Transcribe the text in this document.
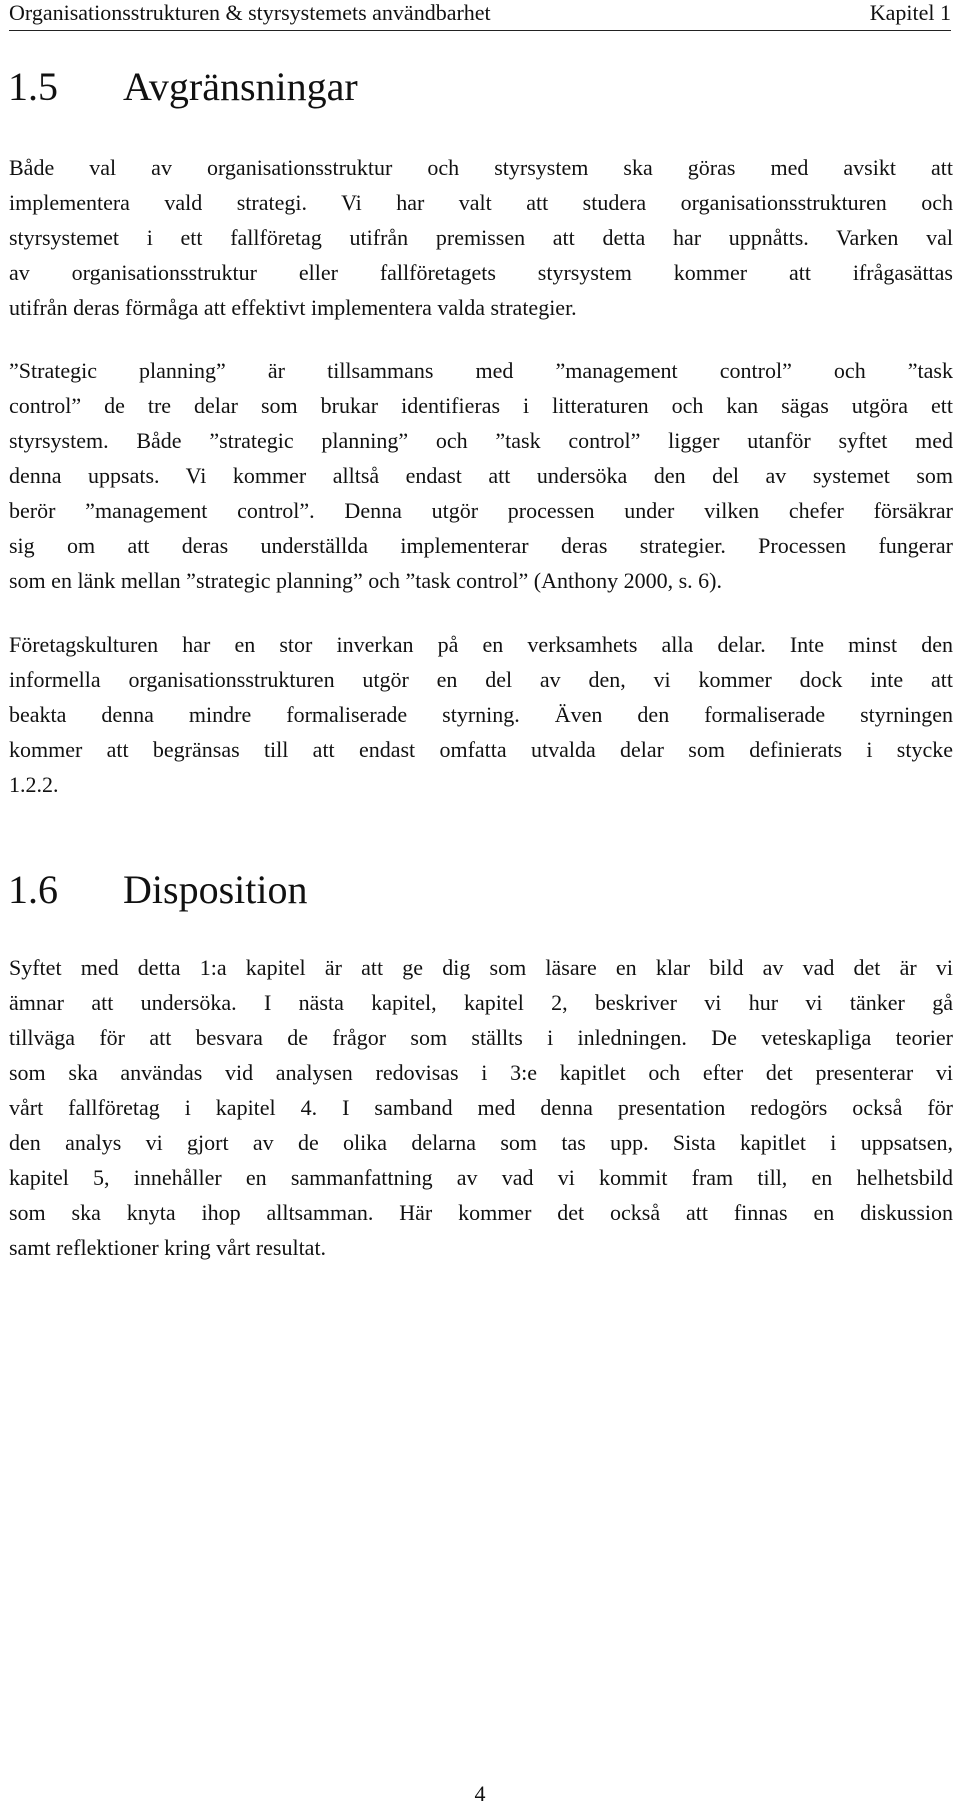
Organisationsstrukturen & styrsystemets användbarhet	Kapitel 1
1.5 Avgränsningar

Både val av organisationsstruktur och styrsystem ska göras med avsikt att
implementera vald strategi. Vi har valt att studera organisationsstrukturen och
styrsystemet i ett fallföretag utifrån premissen att detta har uppnåtts. Varken val
av organisationsstruktur eller fallföretagets styrsystem kommer att ifrågasättas
utifrån deras förmåga att effektivt implementera valda strategier.

”Strategic planning” är tillsammans med ”management control” och ”task
control” de tre delar som brukar identifieras i litteraturen och kan sägas utgöra ett
styrsystem. Både ”strategic planning” och ”task control” ligger utanför syftet med
denna uppsats. Vi kommer alltså endast att undersöka den del av systemet som
berör ”management control”. Denna utgör processen under vilken chefer försäkrar
sig om att deras underställda implementerar deras strategier. Processen fungerar
som en länk mellan ”strategic planning” och ”task control” (Anthony 2000, s. 6).

Företagskulturen har en stor inverkan på en verksamhets alla delar. Inte minst den
informella organisationsstrukturen utgör en del av den, vi kommer dock inte att
beakta denna mindre formaliserade styrning. Även den formaliserade styrningen
kommer att begränsas till att endast omfatta utvalda delar som definierats i stycke
1.2.2.

1.6 Disposition

Syftet med detta 1:a kapitel är att ge dig som läsare en klar bild av vad det är vi
ämnar att undersöka. I nästa kapitel, kapitel 2, beskriver vi hur vi tänker gå
tillväga för att besvara de frågor som ställts i inledningen. De veteskapliga teorier
som ska användas vid analysen redovisas i 3:e kapitlet och efter det presenterar vi
vårt fallföretag i kapitel 4. I samband med denna presentation redogörs också för
den analys vi gjort av de olika delarna som tas upp. Sista kapitlet i uppsatsen,
kapitel 5, innehåller en sammanfattning av vad vi kommit fram till, en helhetsbild
som ska knyta ihop alltsamman. Här kommer det också att finnas en diskussion
samt reflektioner kring vårt resultat.

4
